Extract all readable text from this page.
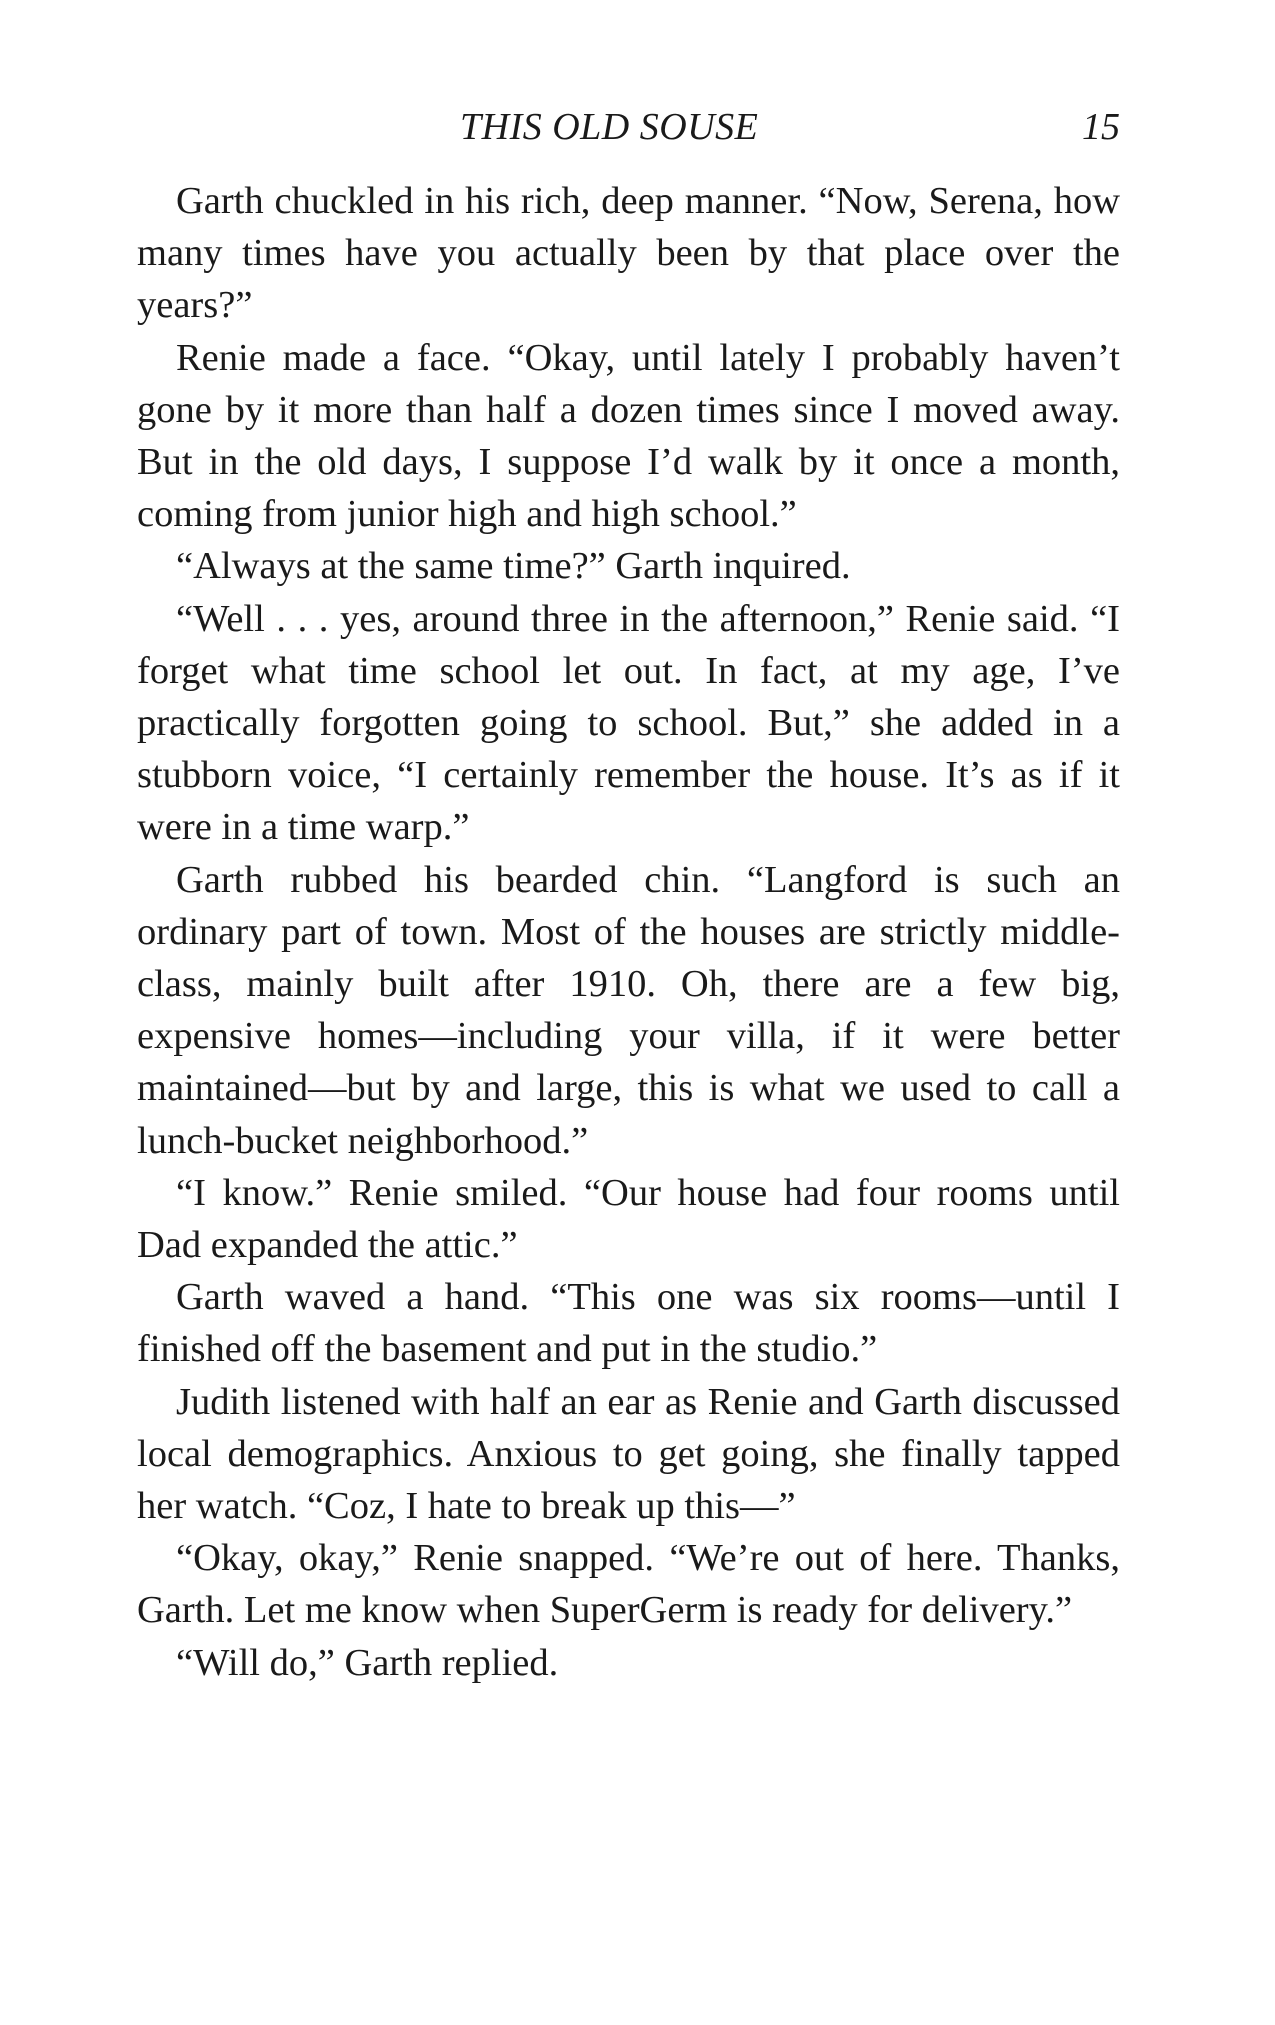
THIS OLD SOUSE	15

Garth chuckled in his rich, deep manner. “Now, Serena, how many times have you actually been by that place over the years?”

Renie made a face. “Okay, until lately I probably haven’t gone by it more than half a dozen times since I moved away. But in the old days, I suppose I’d walk by it once a month, coming from junior high and high school.”

“Always at the same time?” Garth inquired.

“Well . . . yes, around three in the afternoon,” Renie said. “I forget what time school let out. In fact, at my age, I’ve practically forgotten going to school. But,” she added in a stubborn voice, “I certainly remember the house. It’s as if it were in a time warp.”

Garth rubbed his bearded chin. “Langford is such an ordinary part of town. Most of the houses are strictly middle-class, mainly built after 1910. Oh, there are a few big, expensive homes—including your villa, if it were better maintained—but by and large, this is what we used to call a lunch-bucket neighborhood.”

“I know.” Renie smiled. “Our house had four rooms until Dad expanded the attic.”

Garth waved a hand. “This one was six rooms—until I finished off the basement and put in the studio.”

Judith listened with half an ear as Renie and Garth discussed local demographics. Anxious to get going, she finally tapped her watch. “Coz, I hate to break up this—”

“Okay, okay,” Renie snapped. “We’re out of here. Thanks, Garth. Let me know when SuperGerm is ready for delivery.”

“Will do,” Garth replied.
